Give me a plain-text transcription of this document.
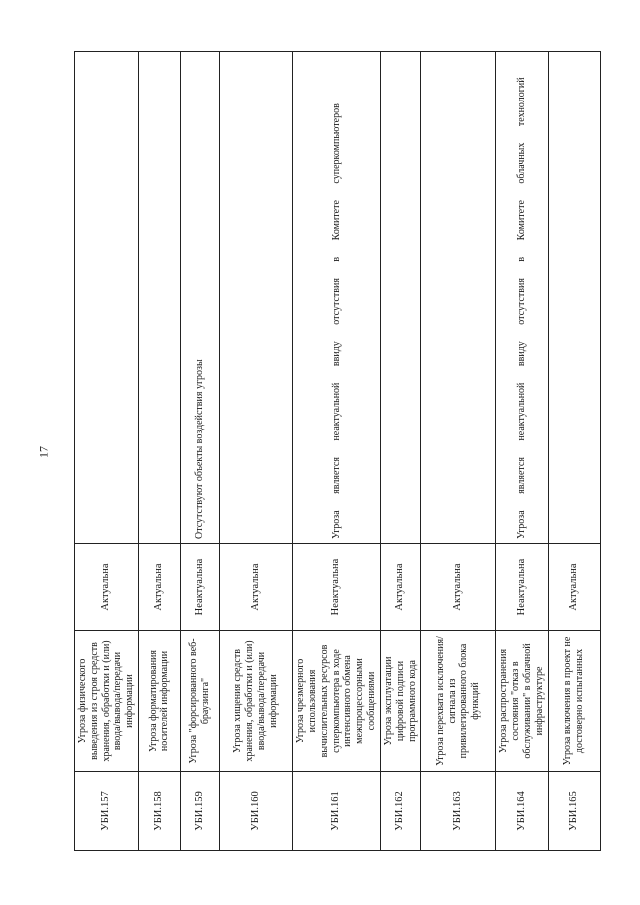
17
УБИ.157	Угроза физического выведения из строя средств хранения, обработки и (или) ввода/вывода/передачи информации	Актуальна	
УБИ.158	Угроза форматирования носителей информации	Актуальна	
УБИ.159	Угроза "форсированного веб-браузинга"	Неактуальна	Отсутствуют объекты воздействия угрозы
УБИ.160	Угроза хищения средств хранения, обработки и (или) ввода/вывода/передачи информации	Актуальна	
УБИ.161	Угроза чрезмерного использования вычислительных ресурсов суперкомпьютера в ходе интенсивного обмена межпроцессорными сообщениями	Неактуальна	Угроза является неактуальной ввиду отсутствия в Комитете суперкомпьютеров
УБИ.162	Угроза эксплуатации цифровой подписи программного кода	Актуальна	
УБИ.163	Угроза перехвата исключения/сигнала из привилегированного блока функций	Актуальна	
УБИ.164	Угроза распространения состояния "отказ в обслуживании" в облачной инфраструктуре	Неактуальна	Угроза является неактуальной ввиду отсутствия в Комитете облачных технологий
УБИ.165	Угроза включения в проект не достоверно испытанных	Актуальна	
